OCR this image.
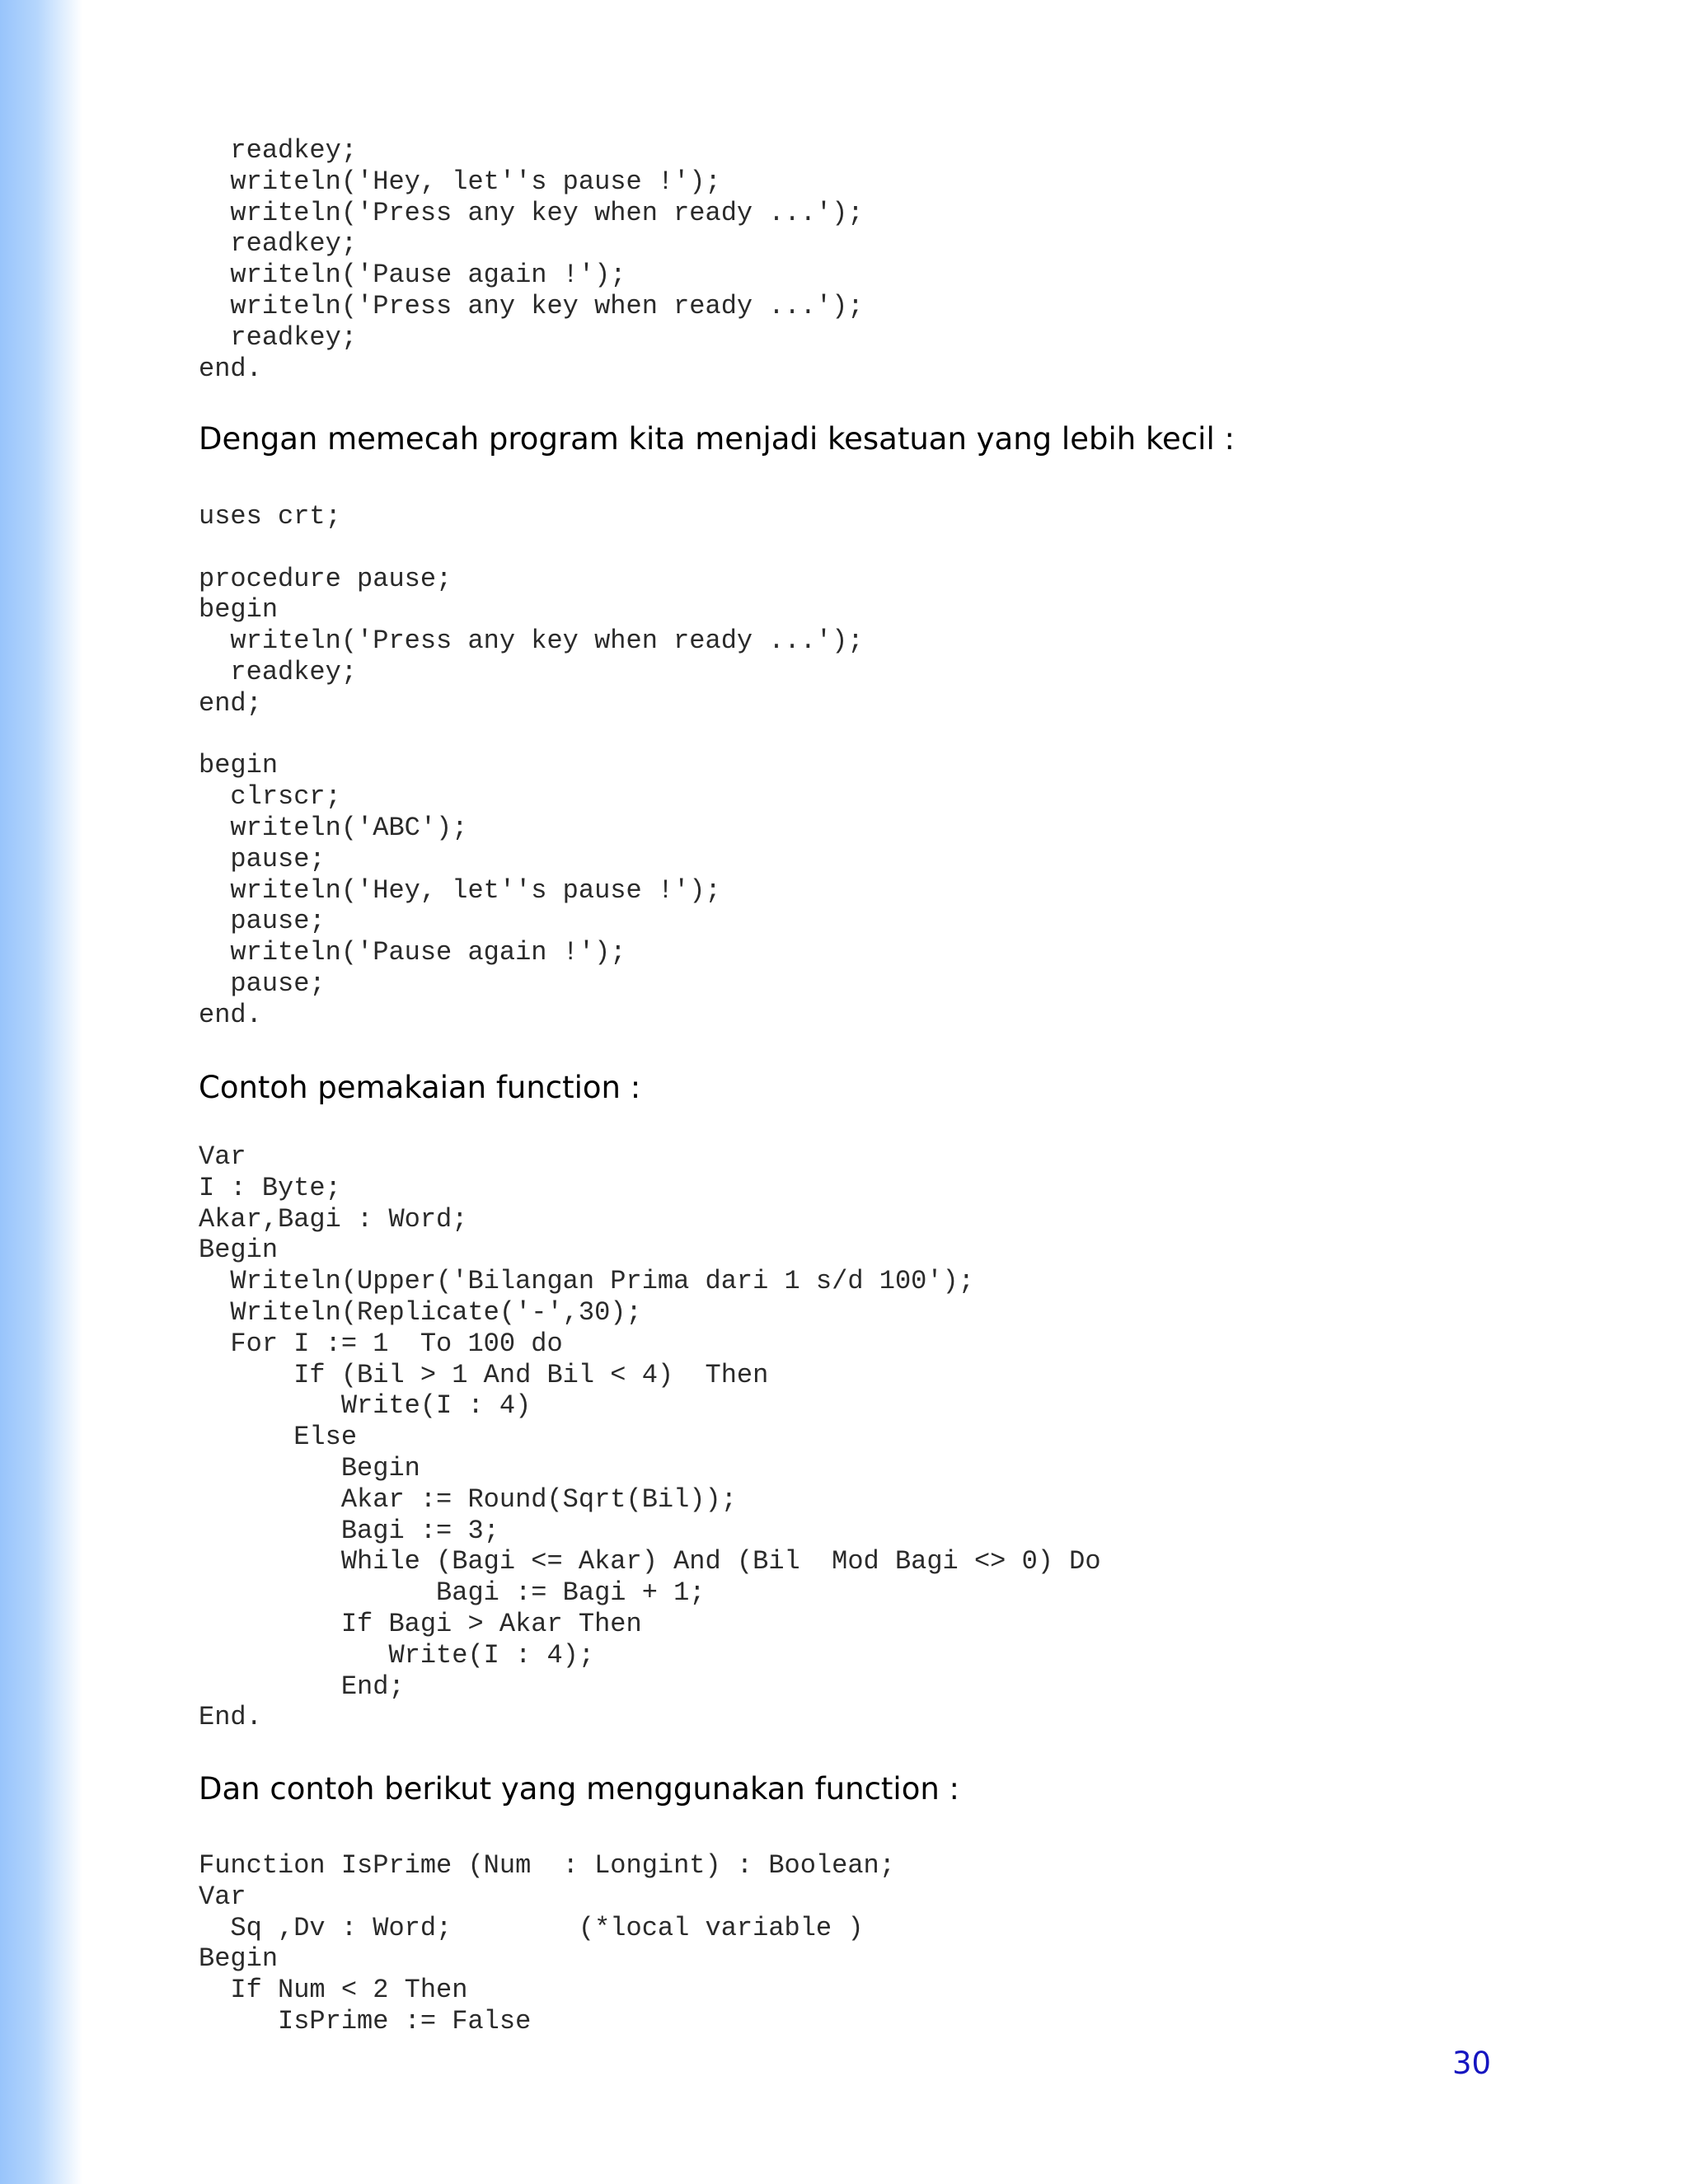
readkey;
writeln('Hey, let''s pause !');
writeln('Press any key when ready ...');
readkey;
writeln('Pause again !');
writeln('Press any key when ready ...');
readkey;
end.
Dengan memecah program kita menjadi kesatuan yang lebih kecil :
uses crt;

procedure pause;
begin
writeln('Press any key when ready ...');
readkey;
end;

begin
clrscr;
writeln('ABC');
pause;
writeln('Hey, let''s pause !');
pause;
writeln('Pause again !');
pause;
end.
Contoh pemakaian function :
Var
I : Byte;
Akar,Bagi : Word;
Begin
Writeln(Upper('Bilangan Prima dari 1 s/d 100');
Writeln(Replicate('-',30);
For I := 1  To 100 do
If (Bil > 1 And Bil < 4)  Then
Write(I : 4)
Else
Begin
Akar := Round(Sqrt(Bil));
Bagi := 3;
While (Bagi <= Akar) And (Bil  Mod Bagi <> 0) Do
Bagi := Bagi + 1;
If Bagi > Akar Then
Write(I : 4);
End;
End.
Dan contoh berikut yang menggunakan function :
Function IsPrime (Num  : Longint) : Boolean;
Var
Sq ,Dv : Word;        (*local variable )
Begin
If Num < 2 Then
IsPrime := False
30
